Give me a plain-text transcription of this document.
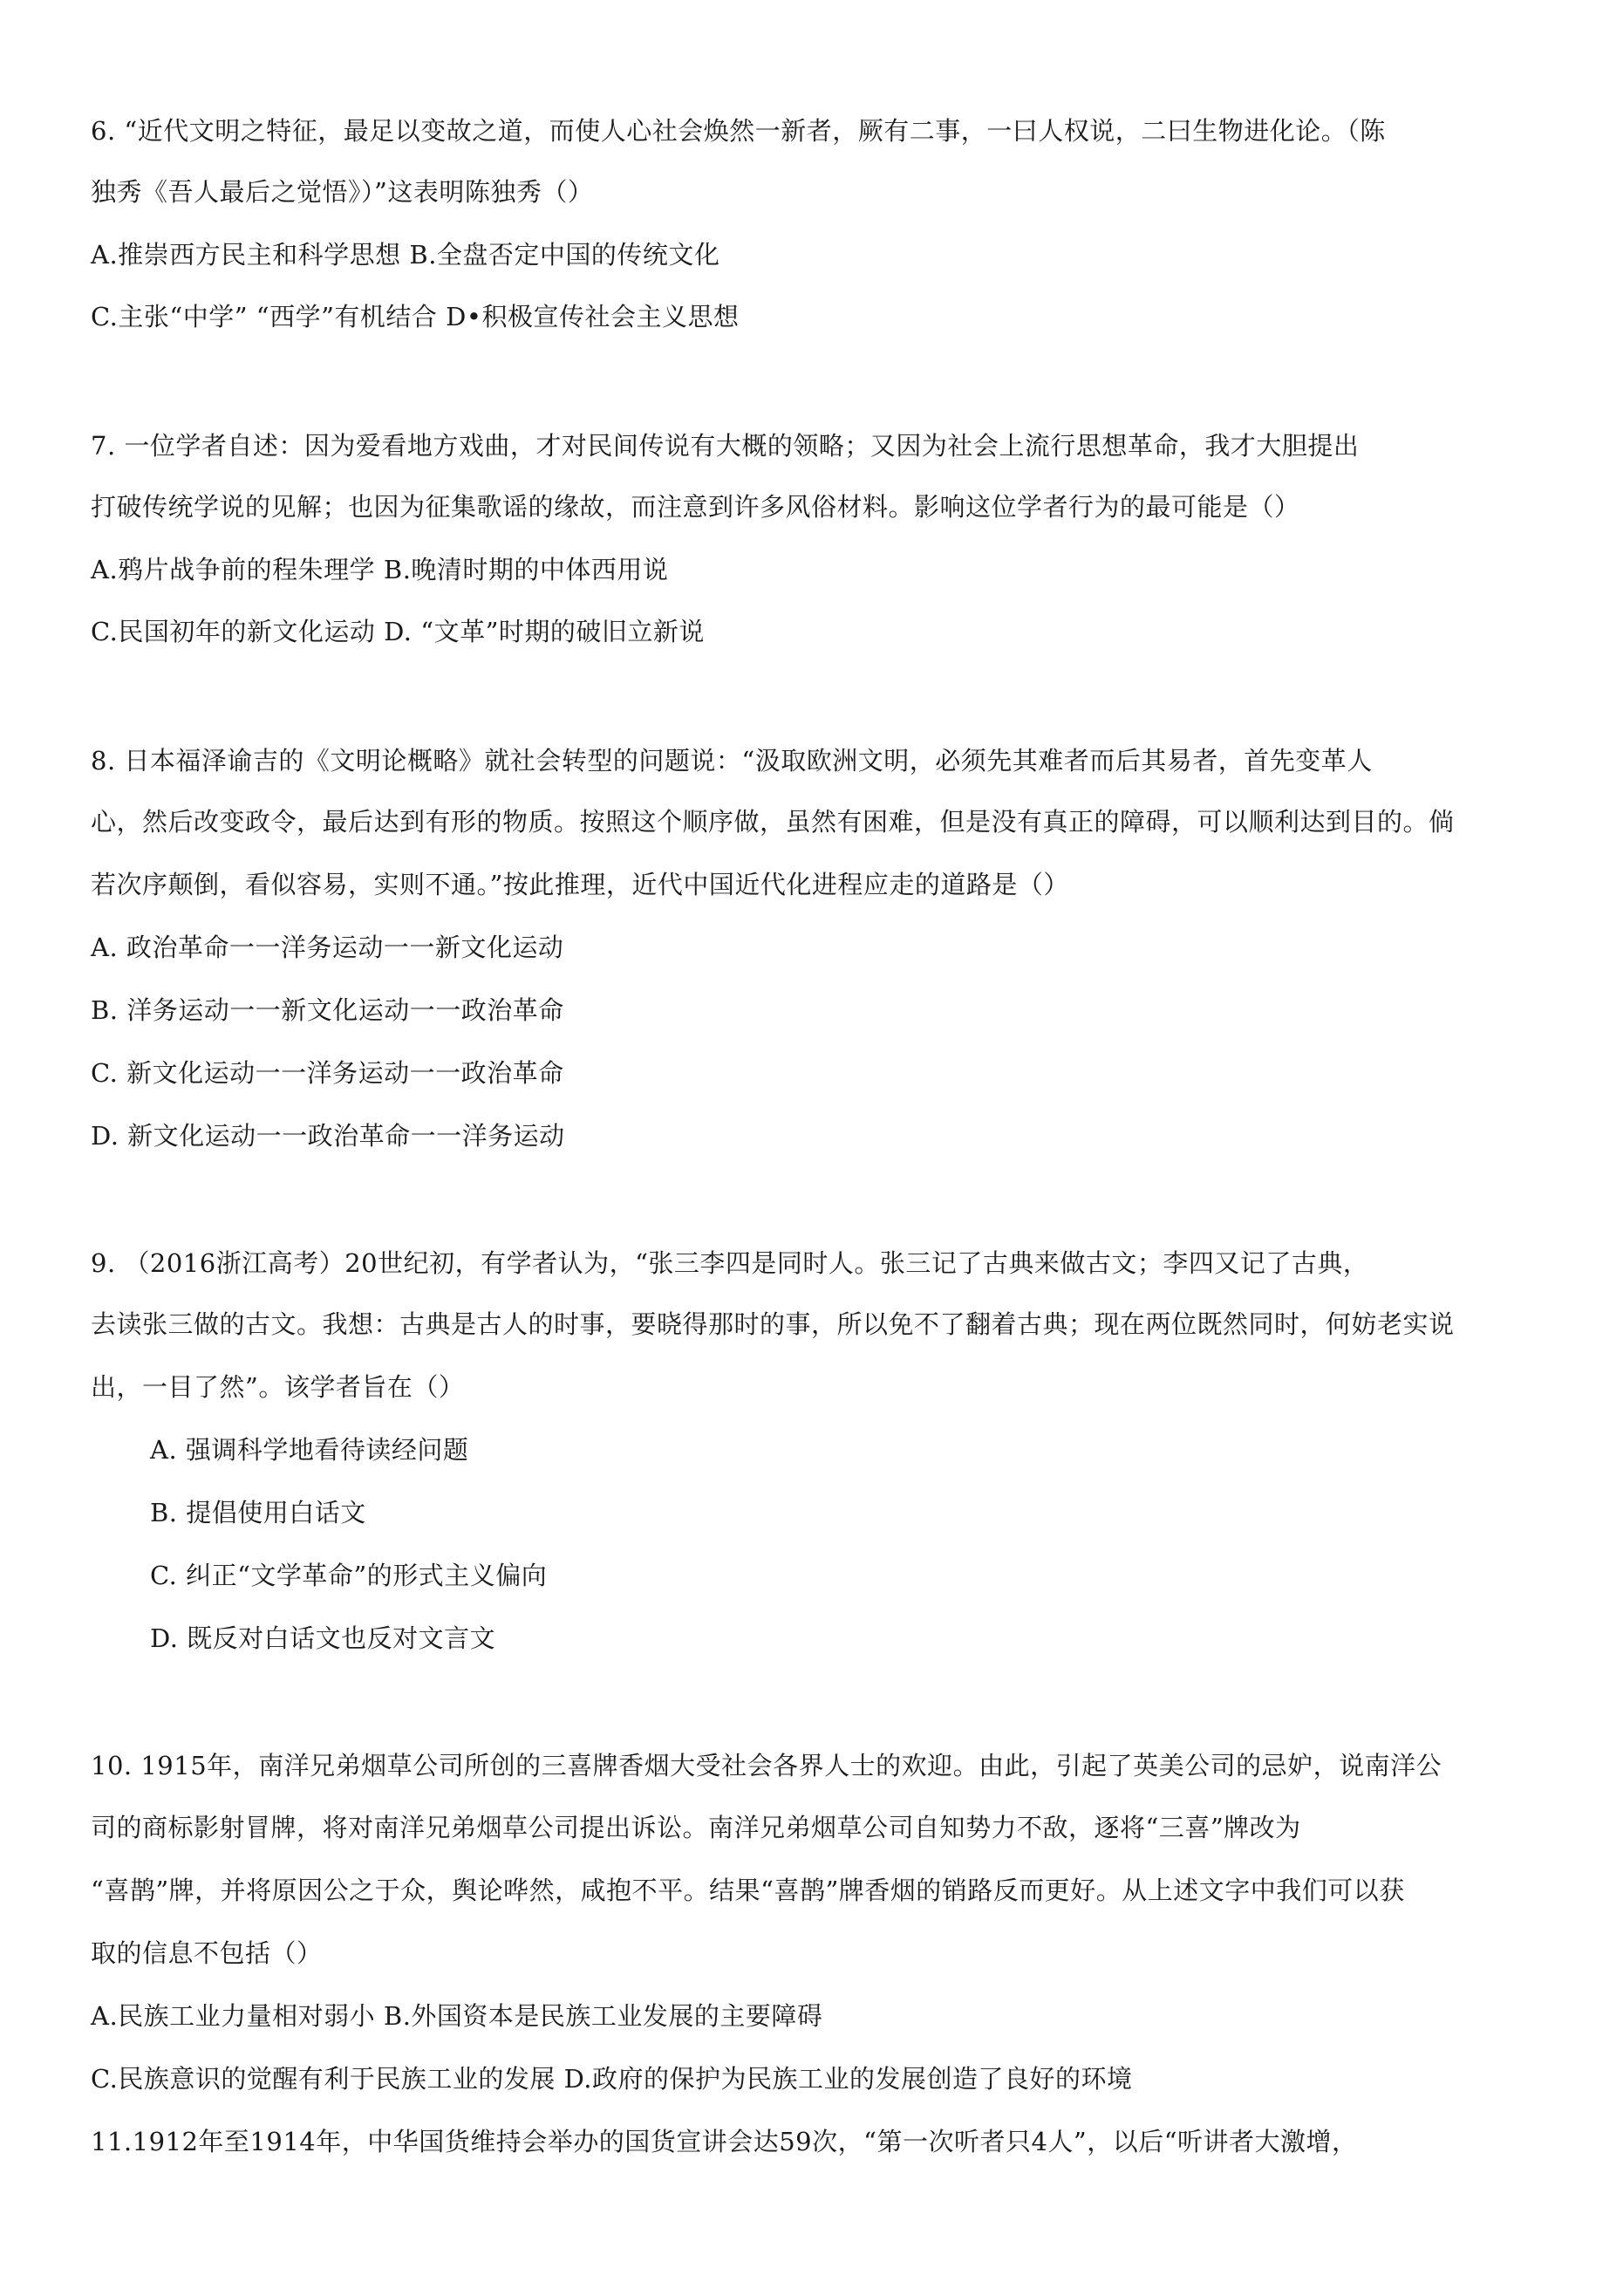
6. “近代文明之特征，最足以变故之道，而使人心社会焕然一新者，厥有二事，一曰人权说，二曰生物进化论。（陈
独秀《吾人最后之觉悟》）”这表明陈独秀（）
A.推崇西方民主和科学思想 B.全盘否定中国的传统文化
C.主张“中学” “西学”有机结合 D•积极宣传社会主义思想
7. 一位学者自述：因为爱看地方戏曲，才对民间传说有大概的领略；又因为社会上流行思想革命，我才大胆提出
打破传统学说的见解；也因为征集歌谣的缘故，而注意到许多风俗材料。影响这位学者行为的最可能是（）
A.鸦片战争前的程朱理学 B.晚清时期的中体西用说
C.民国初年的新文化运动 D. “文革”时期的破旧立新说
8. 日本福泽谕吉的《文明论概略》就社会转型的问题说：“汲取欧洲文明，必须先其难者而后其易者，首先变革人
心，然后改变政令，最后达到有形的物质。按照这个顺序做，虽然有困难，但是没有真正的障碍，可以顺利达到目的。倘
若次序颠倒，看似容易，实则不通。”按此推理，近代中国近代化进程应走的道路是（）
A. 政治革命一一洋务运动一一新文化运动
B. 洋务运动一一新文化运动一一政治革命
C. 新文化运动一一洋务运动一一政治革命
D. 新文化运动一一政治革命一一洋务运动
9. （2016浙江高考）20世纪初，有学者认为，“张三李四是同时人。张三记了古典来做古文；李四又记了古典，
去读张三做的古文。我想：古典是古人的时事，要晓得那时的事，所以免不了翻着古典；现在两位既然同时，何妨老实说
出，一目了然”。该学者旨在（）
A. 强调科学地看待读经问题
B. 提倡使用白话文
C. 纠正“文学革命”的形式主义偏向
D. 既反对白话文也反对文言文
10. 1915年，南洋兄弟烟草公司所创的三喜牌香烟大受社会各界人士的欢迎。由此，引起了英美公司的忌妒，说南洋公
司的商标影射冒牌，将对南洋兄弟烟草公司提出诉讼。南洋兄弟烟草公司自知势力不敌，逐将“三喜”牌改为
“喜鹊”牌，并将原因公之于众，舆论哗然，咸抱不平。结果“喜鹊”牌香烟的销路反而更好。从上述文字中我们可以获
取的信息不包括（）
A.民族工业力量相对弱小 B.外国资本是民族工业发展的主要障碍
C.民族意识的觉醒有利于民族工业的发展 D.政府的保护为民族工业的发展创造了良好的环境
11.1912年至1914年，中华国货维持会举办的国货宣讲会达59次，“第一次听者只4人”，以后“听讲者大激增，
